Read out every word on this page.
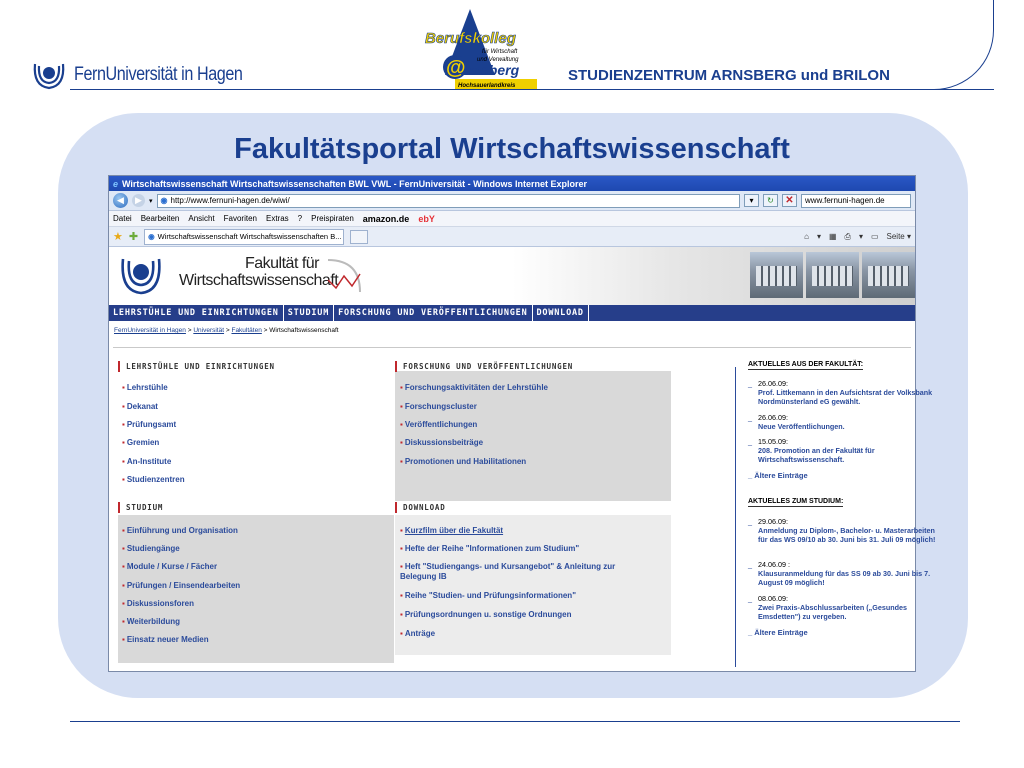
FernUniversität in Hagen
Berufskolleg
für Wirtschaft
und Verwaltung
@ rnsberg
Hochsauerlandkreis
STUDIENZENTRUM ARNSBERG und BRILON
Fakultätsportal Wirtschaftswissenschaft
e Wirtschaftswissenschaft Wirtschaftswissenschaften BWL VWL - FernUniversität - Windows Internet Explorer
◀	▶	▾ ◉ http://www.fernuni-hagen.de/wiwi/	▾	↻	✕	www.fernuni-hagen.de
Datei Bearbeiten Ansicht Favoriten Extras ? Preispiraten amazon.de ebY
★ ✚ ◉ Wirtschaftswissenschaft Wirtschaftswissenschaften B...	⌂ ▾ ▦ ⎙ ▾ ▭ Seite ▾
Fakultät für
Wirtschaftswissenschaft
LEHRSTÜHLE UND EINRICHTUNGEN	STUDIUM	FORSCHUNG UND VERÖFFENTLICHUNGEN	DOWNLOAD
FernUniversität in Hagen > Universität > Fakultäten > Wirtschaftswissenschaft
LEHRSTÜHLE UND EINRICHTUNGEN
▪ Lehrstühle
▪ Dekanat
▪ Prüfungsamt
▪ Gremien
▪ An-Institute
▪ Studienzentren
FORSCHUNG UND VERÖFFENTLICHUNGEN
▪ Forschungsaktivitäten der Lehrstühle
▪ Forschungscluster
▪ Veröffentlichungen
▪ Diskussionsbeiträge
▪ Promotionen und Habilitationen
STUDIUM
▪ Einführung und Organisation
▪ Studiengänge
▪ Module / Kurse / Fächer
▪ Prüfungen / Einsendearbeiten
▪ Diskussionsforen
▪ Weiterbildung
▪ Einsatz neuer Medien
DOWNLOAD
▪ Kurzfilm über die Fakultät
▪ Hefte der Reihe "Informationen zum Studium"
▪ Heft "Studiengangs- und Kursangebot" & Anleitung zur Belegung IB
▪ Reihe "Studien- und Prüfungsinformationen"
▪ Prüfungsordnungen u. sonstige Ordnungen
▪ Anträge
AKTUELLES AUS DER FAKULTÄT:
_ 26.06.09:
Prof. Littkemann in den Aufsichtsrat der Volksbank Nordmünsterland eG gewählt.
_ 26.06.09:
Neue Veröffentlichungen.
_ 15.05.09:
208. Promotion an der Fakultät für Wirtschaftswissenschaft.
_ Ältere Einträge
AKTUELLES ZUM STUDIUM:
_ 29.06.09:
Anmeldung zu Diplom-, Bachelor- u. Masterarbeiten für das WS 09/10 ab 30. Juni bis 31. Juli 09 möglich!
_ 24.06.09 :
Klausuranmeldung für das SS 09 ab 30. Juni bis 7. August 09 möglich!
_ 08.06.09:
Zwei Praxis-Abschlussarbeiten („Gesundes Emsdetten") zu vergeben.
_ Ältere Einträge
